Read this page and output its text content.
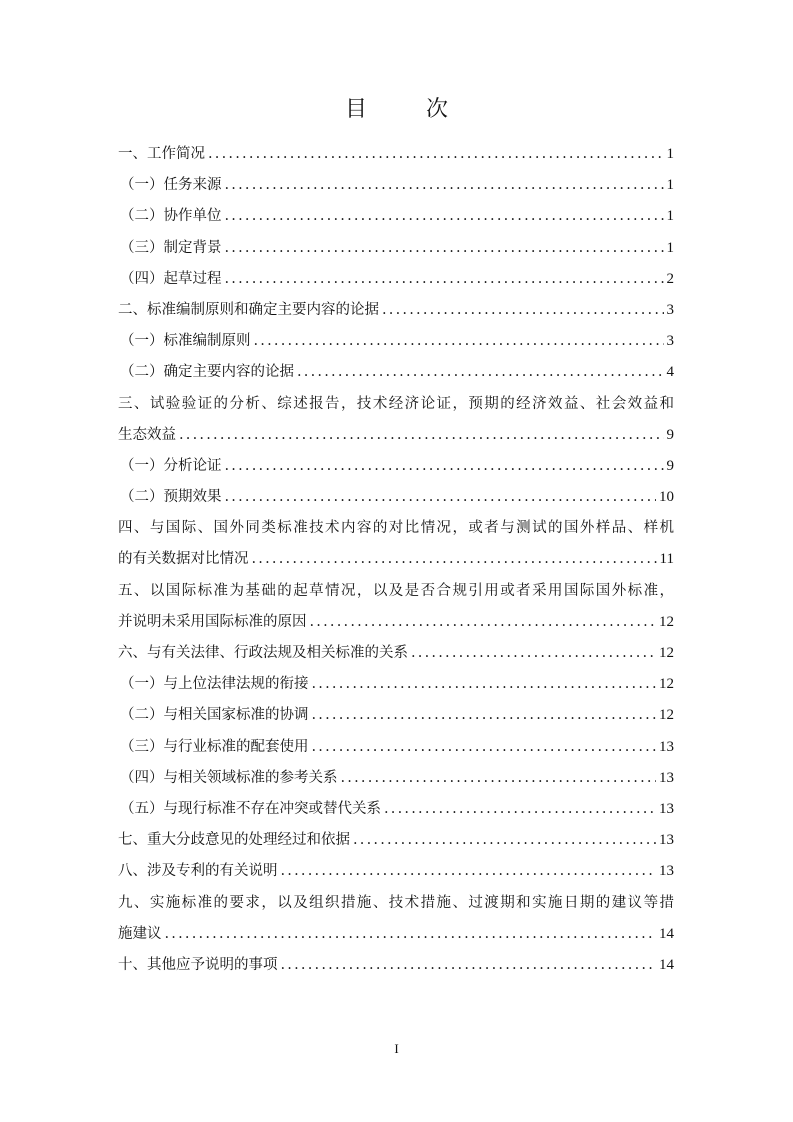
目 次
一、工作简况 .....	1
（一）任务来源 .....	1
（二）协作单位 .....	1
（三）制定背景 .....	1
（四）起草过程 .....	2
二、标准编制原则和确定主要内容的论据 .....	3
（一）标准编制原则 .....	3
（二）确定主要内容的论据 .....	4
三、试验验证的分析、综述报告，技术经济论证，预期的经济效益、社会效益和
生态效益 .....	9
（一）分析论证 .....	9
（二）预期效果 .....	10
四、与国际、国外同类标准技术内容的对比情况，或者与测试的国外样品、样机
的有关数据对比情况 .....	11
五、以国际标准为基础的起草情况，以及是否合规引用或者采用国际国外标准，
并说明未采用国际标准的原因 .....	12
六、与有关法律、行政法规及相关标准的关系 .....	12
（一）与上位法律法规的衔接 .....	12
（二）与相关国家标准的协调 .....	12
（三）与行业标准的配套使用 .....	13
（四）与相关领域标准的参考关系 .....	13
（五）与现行标准不存在冲突或替代关系 .....	13
七、重大分歧意见的处理经过和依据 .....	13
八、涉及专利的有关说明 .....	13
九、实施标准的要求，以及组织措施、技术措施、过渡期和实施日期的建议等措
施建议 .....	14
十、其他应予说明的事项 .....	14
I
